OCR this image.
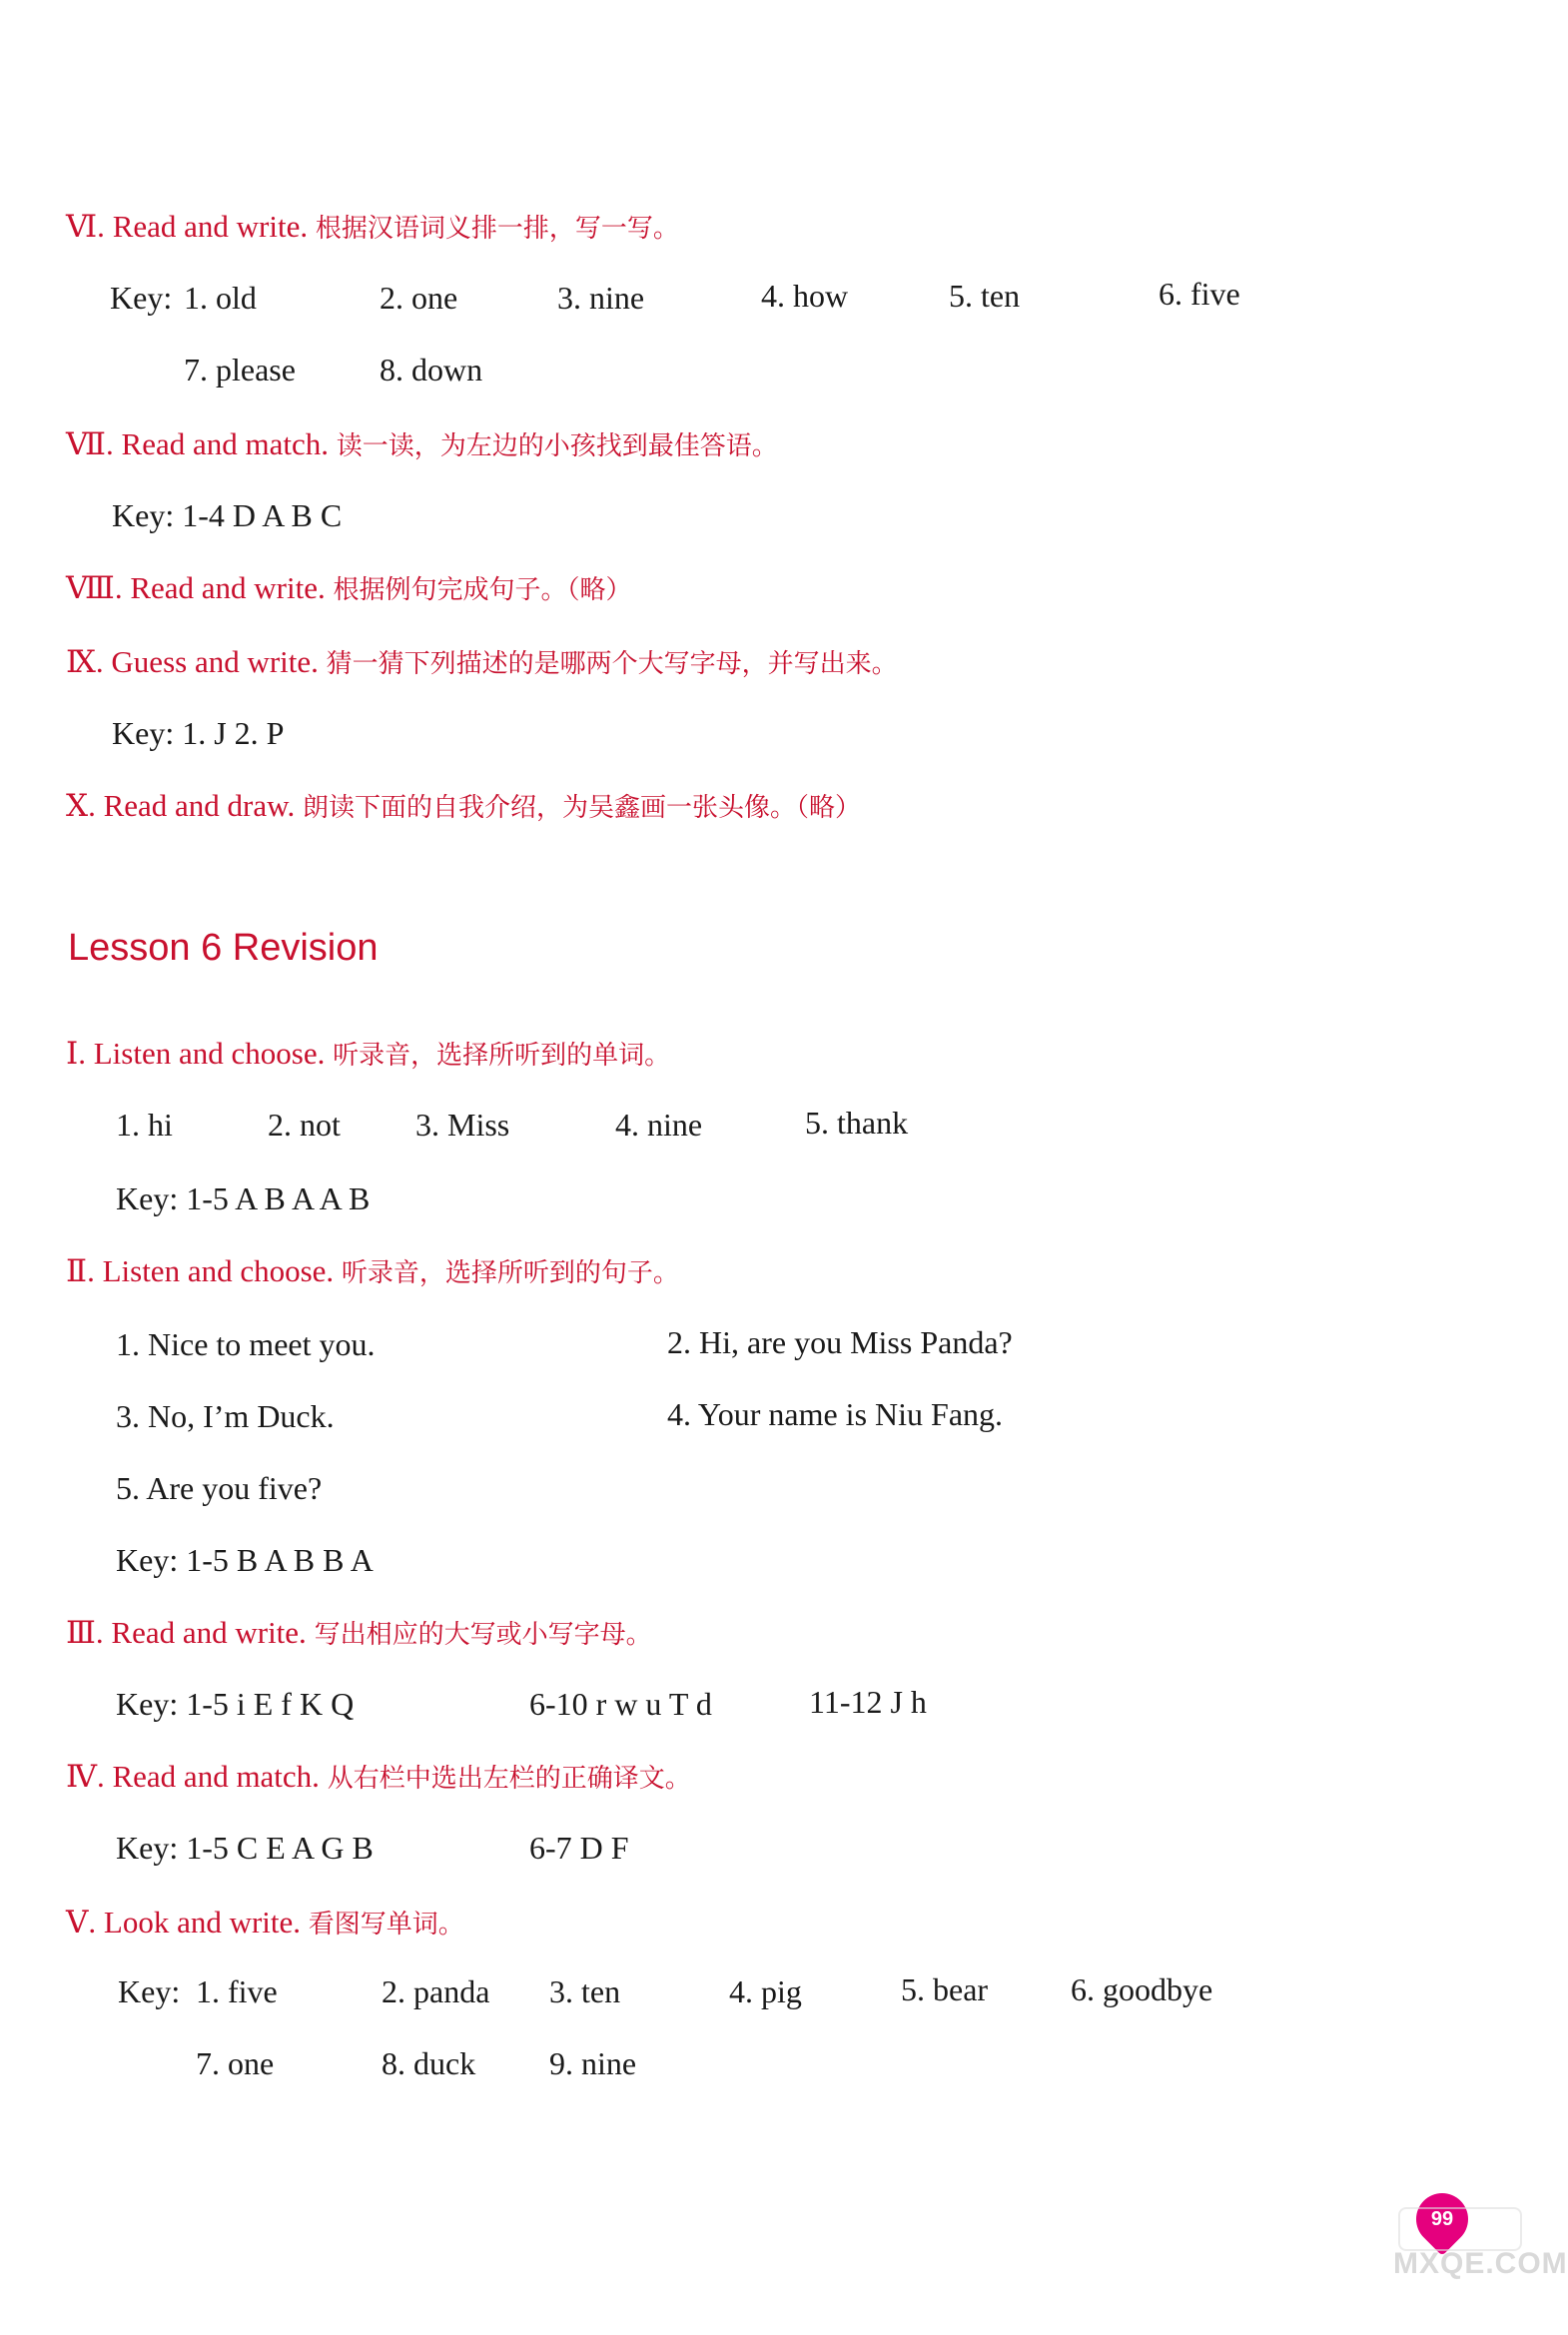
Ⅵ. Read and write. 根据汉语词义排一排，写一写。
Key: 1. old	2. one	3. nine	4. how	5. ten	6. five
7. please	8. down
Ⅶ. Read and match. 读一读，为左边的小孩找到最佳答语。
Key: 1-4 D A B C
Ⅷ. Read and write. 根据例句完成句子。（略）
Ⅸ. Guess and write. 猜一猜下列描述的是哪两个大写字母，并写出来。
Key: 1. J 2. P
Ⅹ. Read and draw. 朗读下面的自我介绍，为吴鑫画一张头像。（略）
Lesson 6 Revision
Ⅰ. Listen and choose. 听录音，选择所听到的单词。
1. hi	2. not 3. Miss	4. nine	5. thank
Key: 1-5 A B A A B
Ⅱ. Listen and choose. 听录音，选择所听到的句子。
1. Nice to meet you.	2. Hi, are you Miss Panda?
3. No, I’m Duck.	4. Your name is Niu Fang.
5. Are you five?
Key: 1-5 B A B B A
Ⅲ. Read and write. 写出相应的大写或小写字母。
Key: 1-5 i E f K Q	6-10 r w u T d	11-12 J h
Ⅳ. Read and match. 从右栏中选出左栏的正确译文。
Key: 1-5 C E A G B	6-7 D F
Ⅴ. Look and write. 看图写单词。
Key: 1. five	2. panda 3. ten	4. pig	5. bear	6. goodbye
7. one	8. duck 9. nine
99
MXQE.COM
